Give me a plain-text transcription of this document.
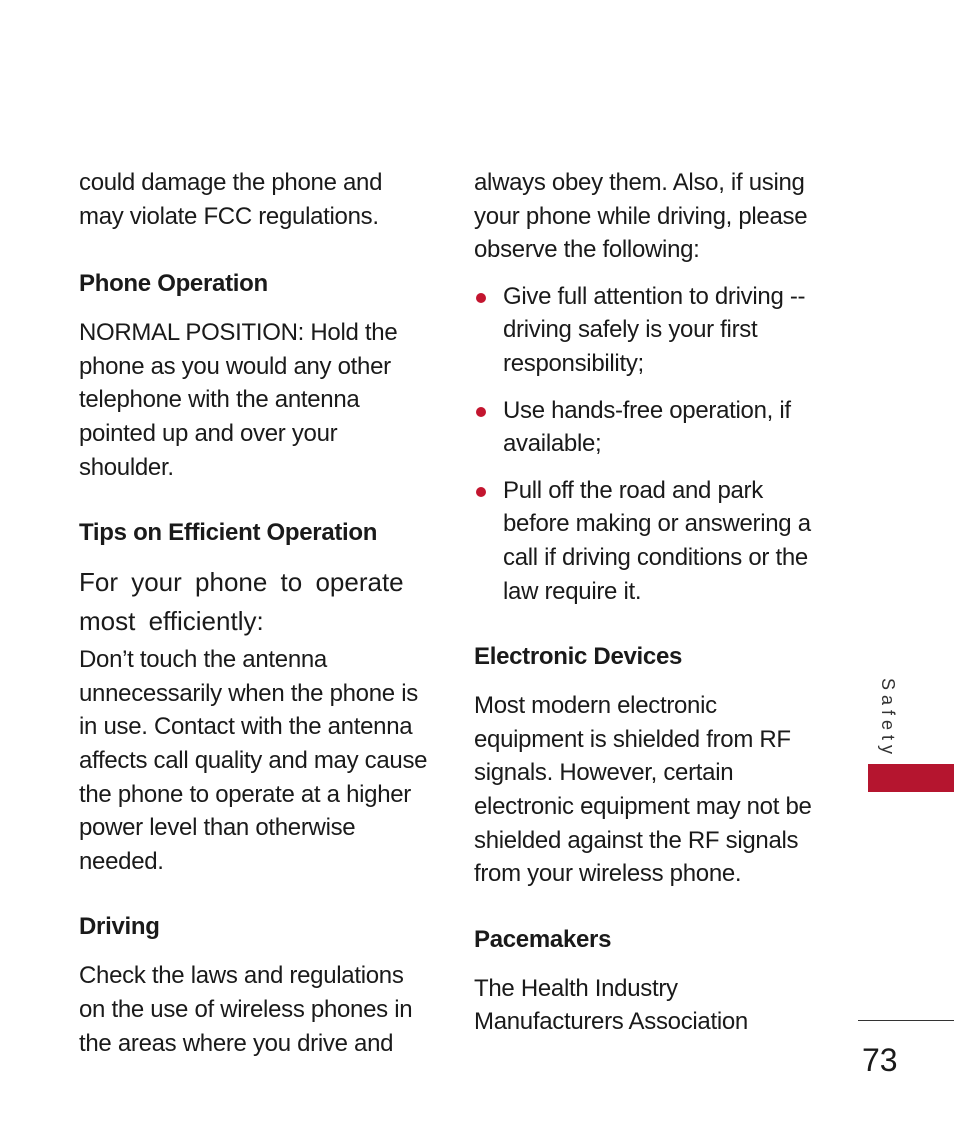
could damage the phone and may violate FCC regulations.

Phone Operation

NORMAL POSITION: Hold the phone as you would any other telephone with the antenna pointed up and over your shoulder.

Tips on Efficient Operation

For your phone to operate most efficiently:

Don’t touch the antenna unnecessarily when the phone is in use. Contact with the antenna affects call quality and may cause the phone to operate at a higher power level than otherwise needed.

Driving

Check the laws and regulations on the use of wireless phones in the areas where you drive and

always obey them. Also, if using your phone while driving, please observe the following:

Give full attention to driving -- driving safely is your first responsibility;
Use hands-free operation, if available;
Pull off the road and park before making or answering a call if driving conditions or the law require it.
Electronic Devices

Most modern electronic equipment is shielded from RF signals. However, certain electronic equipment may not be shielded against the RF signals from your wireless phone.

Pacemakers

The Health Industry Manufacturers Association

Safety
73
